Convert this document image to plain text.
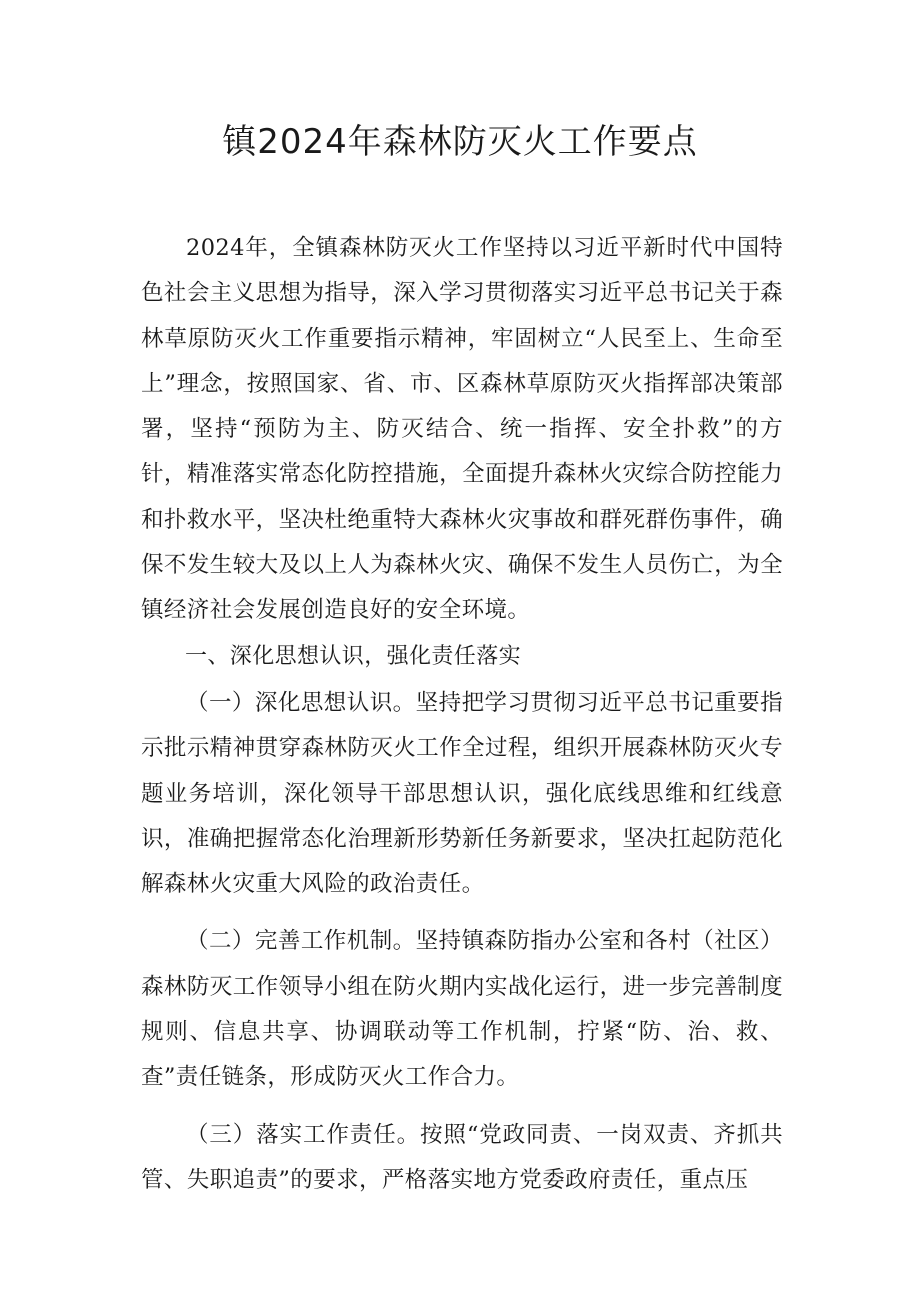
镇2024年森林防灭火工作要点

2024年，全镇森林防灭火工作坚持以习近平新时代中国特色社会主义思想为指导，深入学习贯彻落实习近平总书记关于森林草原防灭火工作重要指示精神，牢固树立“人民至上、生命至上”理念，按照国家、省、市、区森林草原防灭火指挥部决策部署，坚持“预防为主、防灭结合、统一指挥、安全扑救”的方针，精准落实常态化防控措施，全面提升森林火灾综合防控能力和扑救水平，坚决杜绝重特大森林火灾事故和群死群伤事件，确保不发生较大及以上人为森林火灾、确保不发生人员伤亡，为全镇经济社会发展创造良好的安全环境。

一、深化思想认识，强化责任落实

（一）深化思想认识。坚持把学习贯彻习近平总书记重要指示批示精神贯穿森林防灭火工作全过程，组织开展森林防灭火专题业务培训，深化领导干部思想认识，强化底线思维和红线意识，准确把握常态化治理新形势新任务新要求，坚决扛起防范化解森林火灾重大风险的政治责任。

（二）完善工作机制。坚持镇森防指办公室和各村（社区）森林防灭工作领导小组在防火期内实战化运行，进一步完善制度规则、信息共享、协调联动等工作机制，拧紧“防、治、救、查”责任链条，形成防灭火工作合力。

（三）落实工作责任。按照“党政同责、一岗双责、齐抓共管、失职追责”的要求，严格落实地方党委政府责任，重点压
